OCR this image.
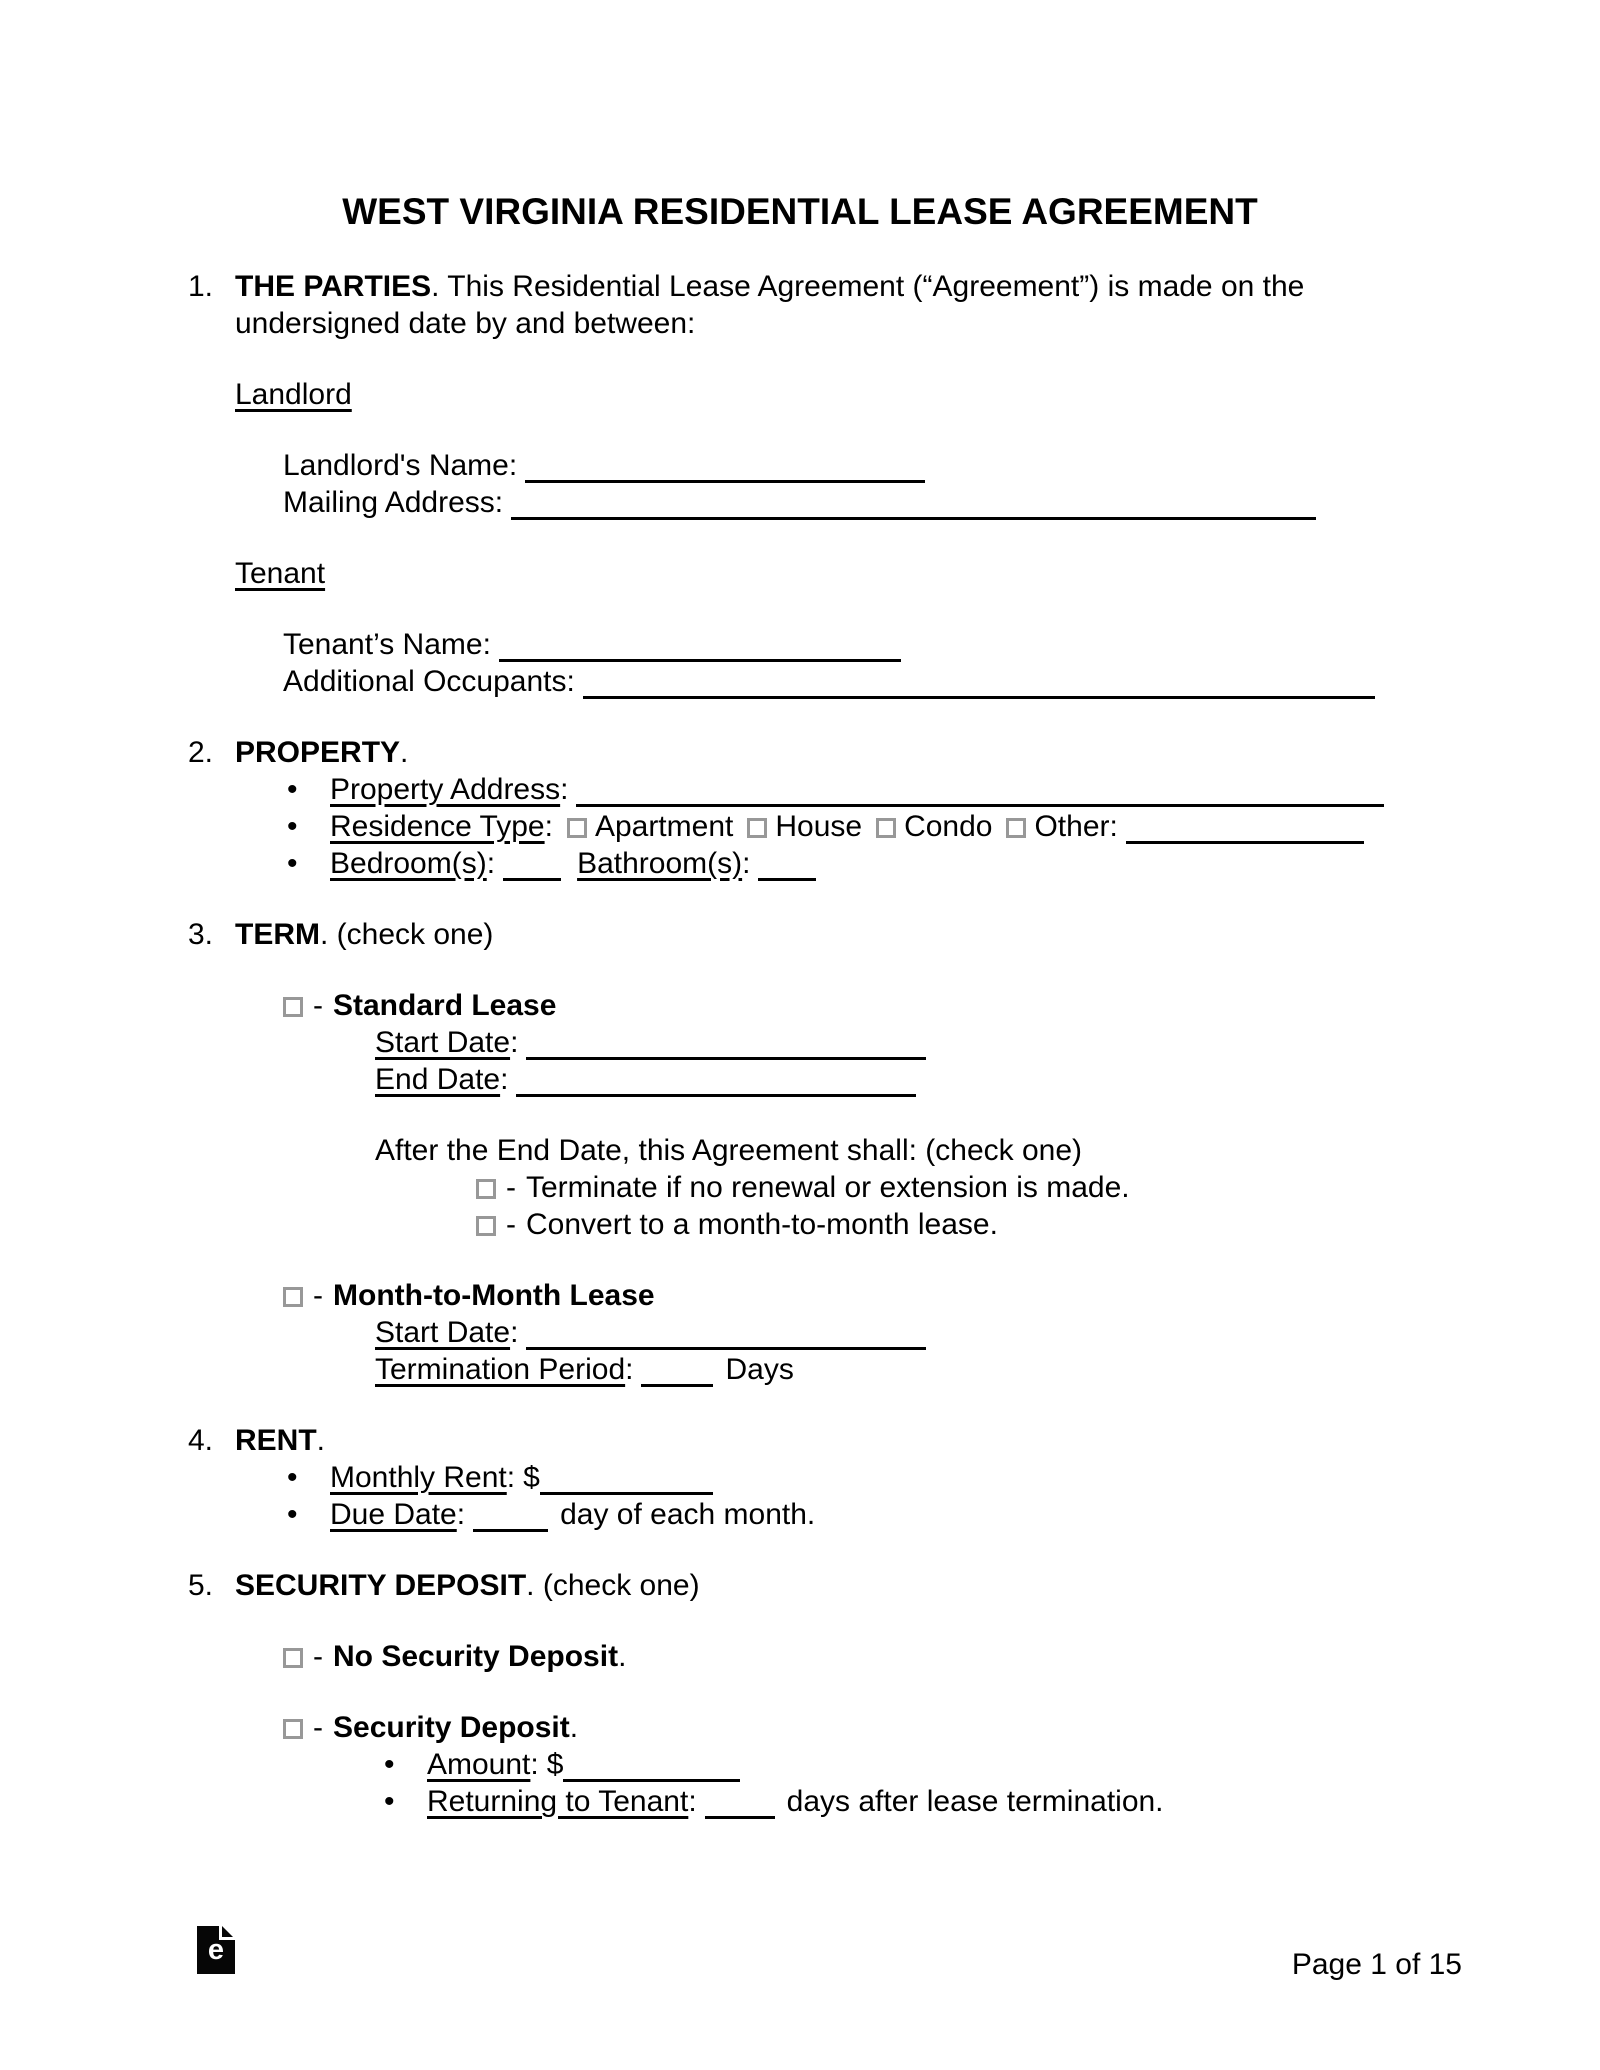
WEST VIRGINIA RESIDENTIAL LEASE AGREEMENT
1. THE PARTIES. This Residential Lease Agreement (“Agreement”) is made on the undersigned date by and between:
Landlord
Landlord's Name:
Mailing Address:
Tenant
Tenant’s Name:
Additional Occupants:
2. PROPERTY.
• Property Address:
• Residence Type: Apartment House Condo Other:
• Bedroom(s):	Bathroom(s):
3. TERM. (check one)
- Standard Lease
Start Date:
End Date:
After the End Date, this Agreement shall: (check one)
- Terminate if no renewal or extension is made.
- Convert to a month-to-month lease.
- Month-to-Month Lease
Start Date:
Termination Period:	Days
4. RENT.
• Monthly Rent: $
• Due Date:	day of each month.
5. SECURITY DEPOSIT. (check one)
- No Security Deposit.
- Security Deposit.
• Amount: $
• Returning to Tenant:	days after lease termination.
e	Page 1 of 15
